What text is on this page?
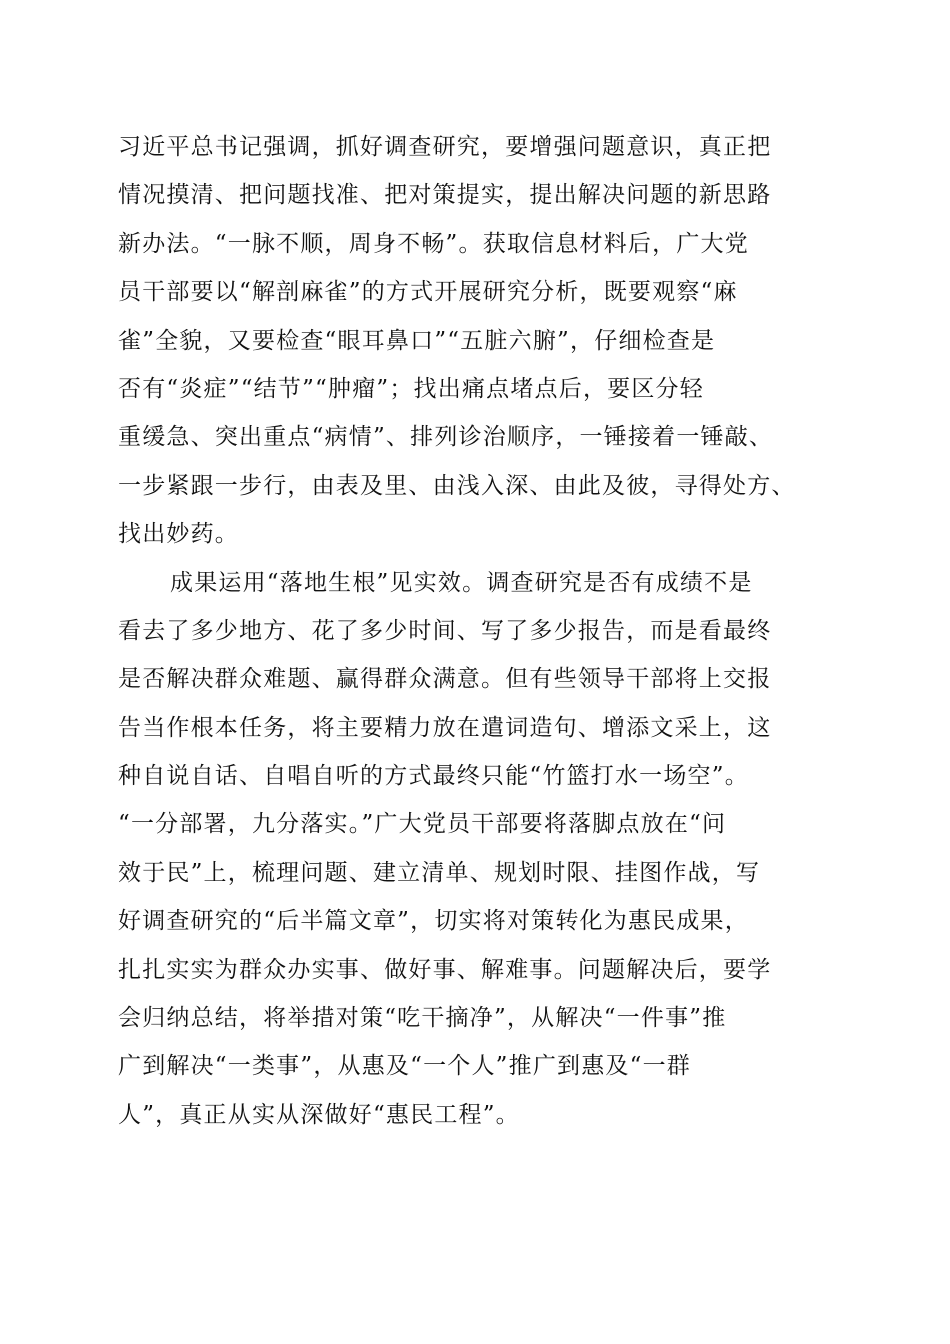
习近平总书记强调，抓好调查研究，要增强问题意识，真正把
情况摸清、把问题找准、把对策提实，提出解决问题的新思路
新办法。“一脉不顺，周身不畅”。获取信息材料后，广大党
员干部要以“解剖麻雀”的方式开展研究分析，既要观察“麻
雀”全貌，又要检查“眼耳鼻口”“五脏六腑”，仔细检查是
否有“炎症”“结节”“肿瘤”；找出痛点堵点后，要区分轻
重缓急、突出重点“病情”、排列诊治顺序，一锤接着一锤敲、
一步紧跟一步行，由表及里、由浅入深、由此及彼，寻得处方、
找出妙药。
成果运用“落地生根”见实效。调查研究是否有成绩不是
看去了多少地方、花了多少时间、写了多少报告，而是看最终
是否解决群众难题、赢得群众满意。但有些领导干部将上交报
告当作根本任务，将主要精力放在遣词造句、增添文采上，这
种自说自话、自唱自听的方式最终只能“竹篮打水一场空”。
“一分部署，九分落实。”广大党员干部要将落脚点放在“问
效于民”上，梳理问题、建立清单、规划时限、挂图作战，写
好调查研究的“后半篇文章”，切实将对策转化为惠民成果，
扎扎实实为群众办实事、做好事、解难事。问题解决后，要学
会归纳总结，将举措对策“吃干摘净”，从解决“一件事”推
广到解决“一类事”，从惠及“一个人”推广到惠及“一群
人”，真正从实从深做好“惠民工程”。
